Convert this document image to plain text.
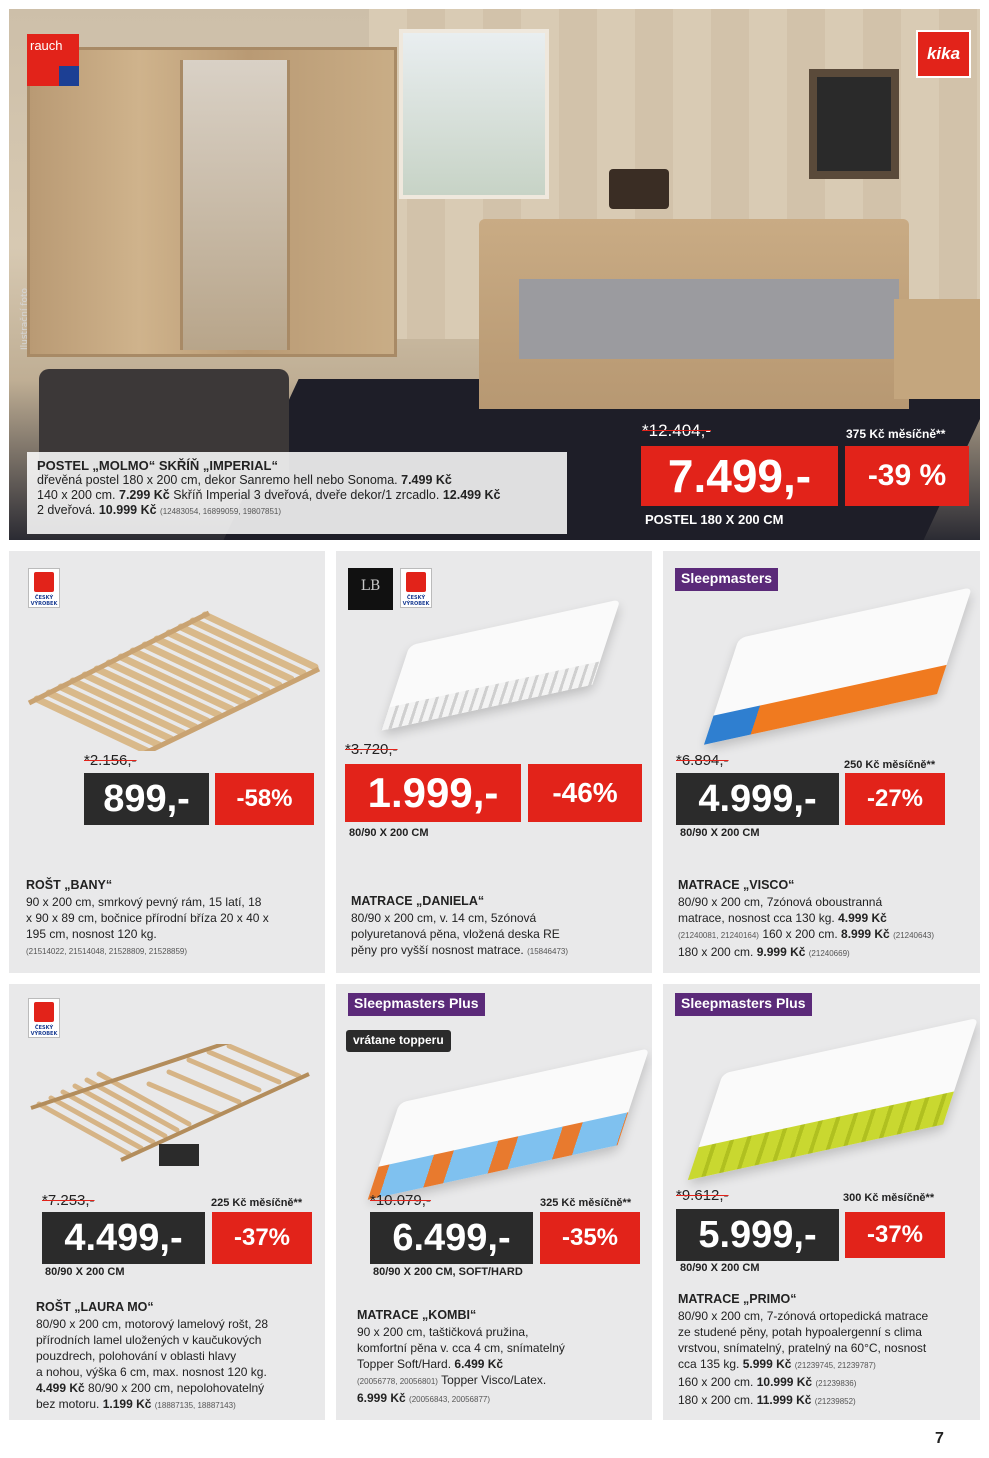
rauch	kika
Ilustrační foto
POSTEL „MOLMO“ SKŘÍŇ „IMPERIAL“
dřevěná postel 180 x 200 cm, dekor Sanremo hell nebo Sonoma. 7.499 Kč
140 x 200 cm. 7.299 Kč Skříň Imperial 3 dveřová, dveře dekor/1 zrcadlo. 12.499 Kč
2 dveřová. 10.999 Kč (12483054, 16899059, 19807851)
*12.404,-	375 Kč měsíčně**
7.499,-	-39 %
POSTEL 180 X 200 CM
ČESKÝ VÝROBEK
*2.156,-
899,-	-58%
ROŠT „BANY“
90 x 200 cm, smrkový pevný rám, 15 latí, 18
x 90 x 89 cm, bočnice přírodní bříza 20 x 40 x
195 cm, nosnost 120 kg.
(21514022, 21514048, 21528809, 21528859)
LB
ČESKÝ VÝROBEK
*3.720,-
1.999,-	-46%
80/90 X 200 CM
MATRACE „DANIELA“
80/90 x 200 cm, v. 14 cm, 5zónová
polyuretanová pěna, vložená deska RE
pěny pro vyšší nosnost matrace. (15846473)
Sleepmasters
*6.894,-	250 Kč měsíčně**
4.999,-	-27%
80/90 X 200 CM
MATRACE „VISCO“
80/90 x 200 cm, 7zónová oboustranná
matrace, nosnost cca 130 kg. 4.999 Kč
(21240081, 21240164) 160 x 200 cm. 8.999 Kč (21240643)
180 x 200 cm. 9.999 Kč (21240669)
ČESKÝ VÝROBEK
*7.253,-	225 Kč měsíčně**
4.499,-	-37%
80/90 X 200 CM
ROŠT „LAURA MO“
80/90 x 200 cm, motorový lamelový rošt, 28
přírodních lamel uložených v kaučukových
pouzdrech, polohování v oblasti hlavy
a nohou, výška 6 cm, max. nosnost 120 kg.
4.499 Kč 80/90 x 200 cm, nepolohovatelný
bez motoru. 1.199 Kč (18887135, 18887143)
Sleepmasters Plus
vrátane topperu
*10.079,-	325 Kč měsíčně**
6.499,-	-35%
80/90 X 200 CM, SOFT/HARD
MATRACE „KOMBI“
90 x 200 cm, taštičková pružina,
komfortní pěna v. cca 4 cm, snímatelný
Topper Soft/Hard. 6.499 Kč
(20056778, 20056801) Topper Visco/Latex.
6.999 Kč (20056843, 20056877)
Sleepmasters Plus
*9.612,-	300 Kč měsíčně**
5.999,-	-37%
80/90 X 200 CM
MATRACE „PRIMO“
80/90 x 200 cm, 7-zónová ortopedická matrace
ze studené pěny, potah hypoalergenní s clima
vrstvou, snímatelný, pratelný na 60°C, nosnost
cca 135 kg. 5.999 Kč (21239745, 21239787)
160 x 200 cm. 10.999 Kč (21239836)
180 x 200 cm. 11.999 Kč (21239852)
7
